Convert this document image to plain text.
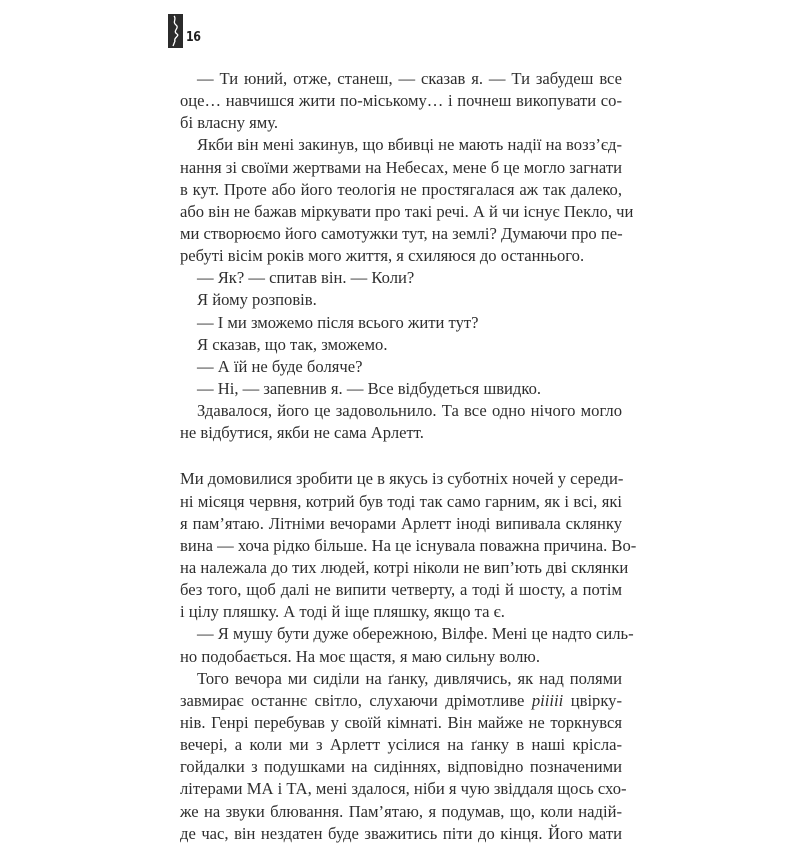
16
— Ти юний, отже, станеш, — сказав я. — Ти забудеш все
оце… навчишся жити по-міському… і почнеш викопувати со-
бі власну яму.
Якби він мені закинув, що вбивці не мають надії на возз’єд-
нання зі своїми жертвами на Небесах, мене б це могло загнати
в кут. Проте або його теологія не простягалася аж так далеко,
або він не бажав міркувати про такі речі. А й чи існує Пекло, чи
ми створюємо його самотужки тут, на землі? Думаючи про пе-
ребуті вісім років мого життя, я схиляюся до останнього.
— Як? — спитав він. — Коли?
Я йому розповів.
— І ми зможемо після всього жити тут?
Я сказав, що так, зможемо.
— А їй не буде боляче?
— Ні, — запевнив я. — Все відбудеться швидко.
Здавалося, його це задовольнило. Та все одно нічого могло
не відбутися, якби не сама Арлетт.
Ми домовилися зробити це в якусь із суботніх ночей у середи-
ні місяця червня, котрий був тоді так само гарним, як і всі, які
я пам’ятаю. Літніми вечорами Арлетт іноді випивала склянку
вина — хоча рідко більше. На це існувала поважна причина. Во-
на належала до тих людей, котрі ніколи не вип’ють дві склянки
без того, щоб далі не випити четверту, а тоді й шосту, а потім
і цілу пляшку. А тоді й іще пляшку, якщо та є.
— Я мушу бути дуже обережною, Вілфе. Мені це надто силь-
но подобається. На моє щастя, я маю сильну волю.
Того вечора ми сиділи на ґанку, дивлячись, як над полями
завмирає останнє світло, слухаючи дрімотливе рііііі цвірку-
нів. Генрі перебував у своїй кімнаті. Він майже не торкнувся
вечері, а коли ми з Арлетт усілися на ґанку в наші крісла-
гойдалки з подушками на сидіннях, відповідно позначеними
літерами МА і ТА, мені здалося, ніби я чую звіддаля щось схо-
же на звуки блювання. Пам’ятаю, я подумав, що, коли надій-
де час, він нездатен буде зважитись піти до кінця. Його мати
